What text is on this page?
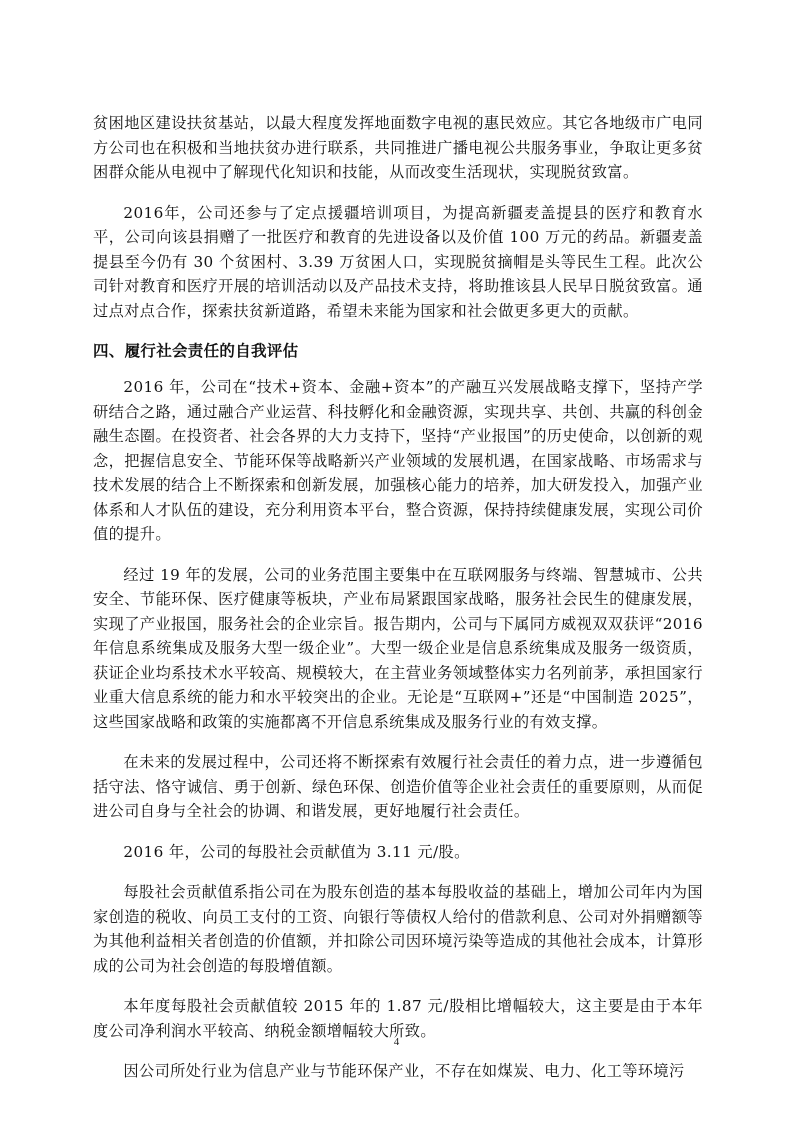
贫困地区建设扶贫基站，以最大程度发挥地面数字电视的惠民效应。其它各地级市广电同方公司也在积极和当地扶贫办进行联系，共同推进广播电视公共服务事业，争取让更多贫困群众能从电视中了解现代化知识和技能，从而改变生活现状，实现脱贫致富。

2016年，公司还参与了定点援疆培训项目，为提高新疆麦盖提县的医疗和教育水平，公司向该县捐赠了一批医疗和教育的先进设备以及价值 100 万元的药品。新疆麦盖提县至今仍有 30 个贫困村、3.39 万贫困人口，实现脱贫摘帽是头等民生工程。此次公司针对教育和医疗开展的培训活动以及产品技术支持，将助推该县人民早日脱贫致富。通过点对点合作，探索扶贫新道路，希望未来能为国家和社会做更多更大的贡献。

四、履行社会责任的自我评估

2016 年，公司在“技术+资本、金融+资本”的产融互兴发展战略支撑下，坚持产学研结合之路，通过融合产业运营、科技孵化和金融资源，实现共享、共创、共赢的科创金融生态圈。在投资者、社会各界的大力支持下，坚持“产业报国”的历史使命，以创新的观念，把握信息安全、节能环保等战略新兴产业领域的发展机遇，在国家战略、市场需求与技术发展的结合上不断探索和创新发展，加强核心能力的培养，加大研发投入，加强产业体系和人才队伍的建设，充分利用资本平台，整合资源，保持持续健康发展，实现公司价值的提升。

经过 19 年的发展，公司的业务范围主要集中在互联网服务与终端、智慧城市、公共安全、节能环保、医疗健康等板块，产业布局紧跟国家战略，服务社会民生的健康发展，实现了产业报国，服务社会的企业宗旨。报告期内，公司与下属同方威视双双获评“2016 年信息系统集成及服务大型一级企业”。大型一级企业是信息系统集成及服务一级资质，获证企业均系技术水平较高、规模较大，在主营业务领域整体实力名列前茅，承担国家行业重大信息系统的能力和水平较突出的企业。无论是“互联网+”还是“中国制造 2025”，这些国家战略和政策的实施都离不开信息系统集成及服务行业的有效支撑。

在未来的发展过程中，公司还将不断探索有效履行社会责任的着力点，进一步遵循包括守法、恪守诚信、勇于创新、绿色环保、创造价值等企业社会责任的重要原则，从而促进公司自身与全社会的协调、和谐发展，更好地履行社会责任。

2016 年，公司的每股社会贡献值为 3.11 元/股。

每股社会贡献值系指公司在为股东创造的基本每股收益的基础上，增加公司年内为国家创造的税收、向员工支付的工资、向银行等债权人给付的借款利息、公司对外捐赠额等为其他利益相关者创造的价值额，并扣除公司因环境污染等造成的其他社会成本，计算形成的公司为社会创造的每股增值额。

本年度每股社会贡献值较 2015 年的 1.87 元/股相比增幅较大，这主要是由于本年度公司净利润水平较高、纳税金额增幅较大所致。

因公司所处行业为信息产业与节能环保产业，不存在如煤炭、电力、化工等环境污

4
